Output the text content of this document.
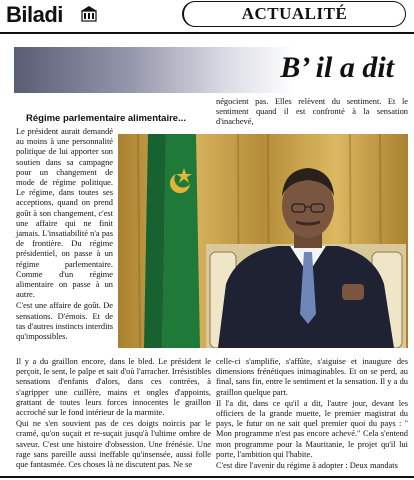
Biladi	ACTUALITÉ
B’ il a dit
Régime parlementaire alimentaire...

négocient pas. Elles relèvent du sentiment. Et le sentiment quand il est confronté à la sensation d'inachevé,

Le président aurait demandé au moins à une personnalité politique de lui apporter son soutien dans sa campagne pour un changement de mode de régime politique. Le régime, dans toutes ses acceptions, quand on prend goût à son changement, c'est une affaire qui ne finit jamais. L'insatiabilité n'a pas de frontière. Du régime présidentiel, on passe à un régime parlementaire. Comme d'un régime alimentaire on passe à un autre.

C'est une affaire de goût. De sensations. D'émois. Et de tas d'autres instincts interdits qu'impossibles.

Il y a du graillon encore, dans le bled. Le président le perçoit, le sent, le palpe et sait d'où l'arracher. Irrésistibles sensations d'enfants d'alors, dans ces contrées, à s'agripper une cuillère, mains et ongles d'appoints, grattant de toutes leurs forces innocentes le graillon accroché sur le fond intérieur de la marmite.

Qui ne s'en souvient pas de ces doigts noircis par le cramé, qu'on suçait et re-suçait jusqu'à l'ultime ombre de saveur. C'est une histoire d'obsession. Une frénésie. Une rage sans pareille aussi ineffable qu'insensée, aussi folle que fantasmée. Ces choses là ne discutent pas. Ne se

celle-ci s'amplifie, s'affûte, s'aiguise et inaugure des dimensions frénétiques inimaginables. Et on se perd, au final, sans fin, entre le sentiment et la sensation. Il y a du graillon quelque part.

Il l'a dit, dans ce qu'il a dit, l'autre jour, devant les officiers de la grande muette, le premier magistrat du pays, le futur on ne sait quel premier quoi du pays : " Mon programme n'est pas encore achevé." Cela s'entend mon programme pour la Mauritanie, le projet qu'il lui porte, l'ambition qui l'habite.

C'est dire l'avenir du régime à adopter : Deux mandats
